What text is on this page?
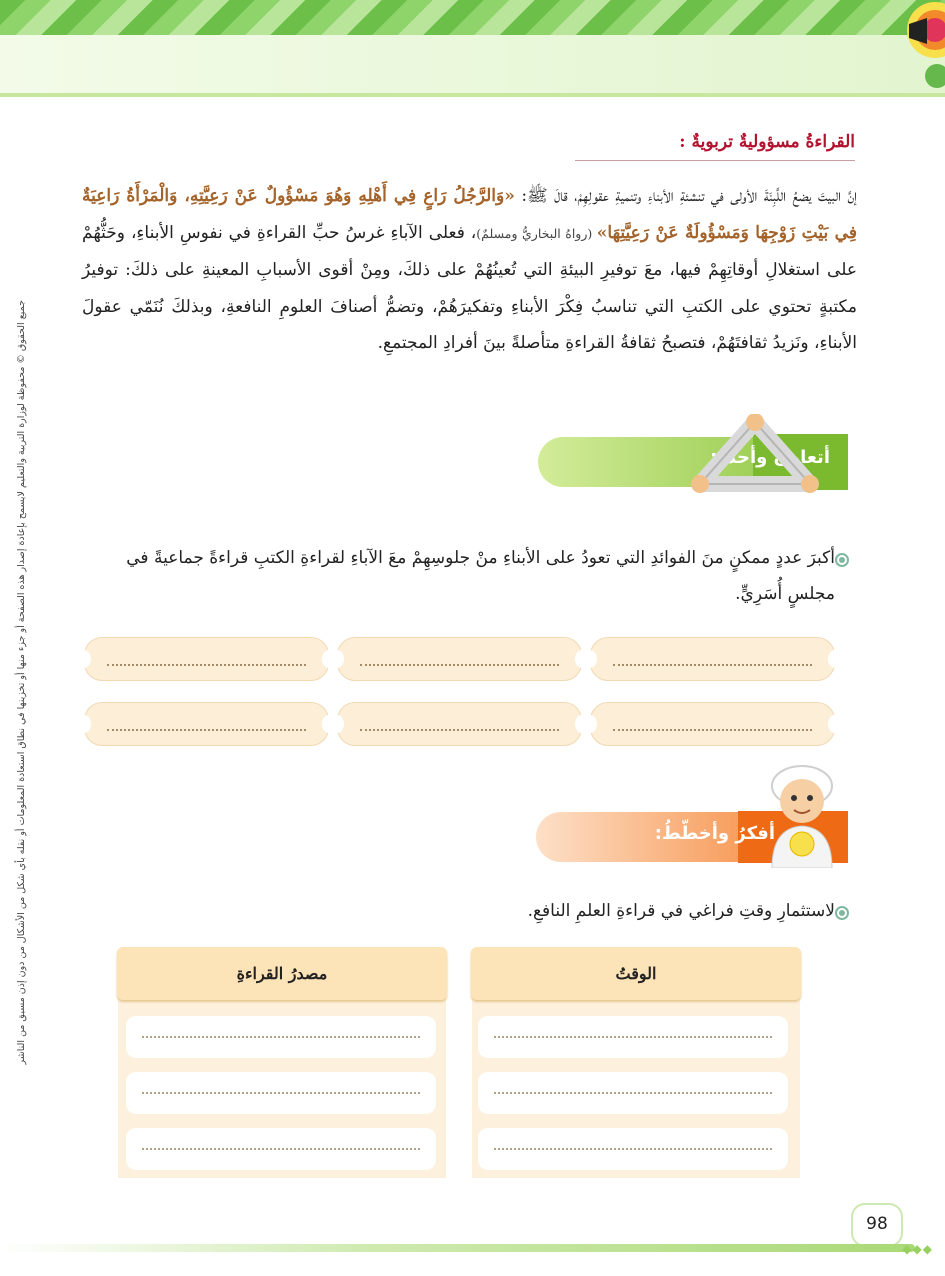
جميع الحقوق © محفوظة لوزارة التربية والتعليم لايسمح بإعادة إصدار هذه الصفحة أو جزء منها أو تخزينها في نطاق استعادة المعلومات أو نقله بأي شكل من الأشكال من دون إذن مسبق من الناشر
القراءةُ مسؤوليةٌ تربويةٌ :
إنَّ البيتَ يضعُ اللَّبِنَةَ الأولى في تنشئةِ الأبناءِ وتنميةِ عقولِهِمْ، قالَ ﷺ: «وَالرَّجُلُ رَاعٍ فِي أَهْلِهِ وَهُوَ مَسْؤُولٌ عَنْ رَعِيَّتِهِ، وَالْمَرْأَةُ رَاعِيَةٌ فِي بَيْتِ زَوْجِهَا وَمَسْؤُولَةٌ عَنْ رَعِيَّتِهَا» (رواهُ البخاريُّ ومسلمٌ)، فعلى الآباءِ غرسُ حبِّ القراءةِ في نفوسِ الأبناءِ، وحَثُّهُمْ على استغلالِ أوقاتِهِمْ فيها، معَ توفيرِ البيئةِ التي تُعينُهُمْ على ذلكَ، ومِنْ أقوى الأسبابِ المعينةِ على ذلكَ: توفيرُ مكتبةٍ تحتوي على الكتبِ التي تناسبُ فِكْرَ الأبناءِ وتفكيرَهُمْ، وتضمُّ أصنافَ العلومِ النافعةِ، وبذلكَ نُنَمّي عقولَ الأبناءِ، ونَزيدُ ثقافتَهُمْ، فتصبحُ ثقافةُ القراءةِ متأصلةً بينَ أفرادِ المجتمعِ.
أتعاونُ وأحدّدُ:
أكبرَ عددٍ ممكنٍ منَ الفوائدِ التي تعودُ على الأبناءِ منْ جلوسِهِمْ معَ الآباءِ لقراءةِ الكتبِ قراءةً جماعيةً في مجلسٍ أُسَرِيٍّ.
أفكرُ وأخطّطُ:
لاستثمارِ وقتِ فراغي في قراءةِ العلمِ النافعِ.
مصدرُ القراءةِ	الوقتُ
98
◆◆◆
